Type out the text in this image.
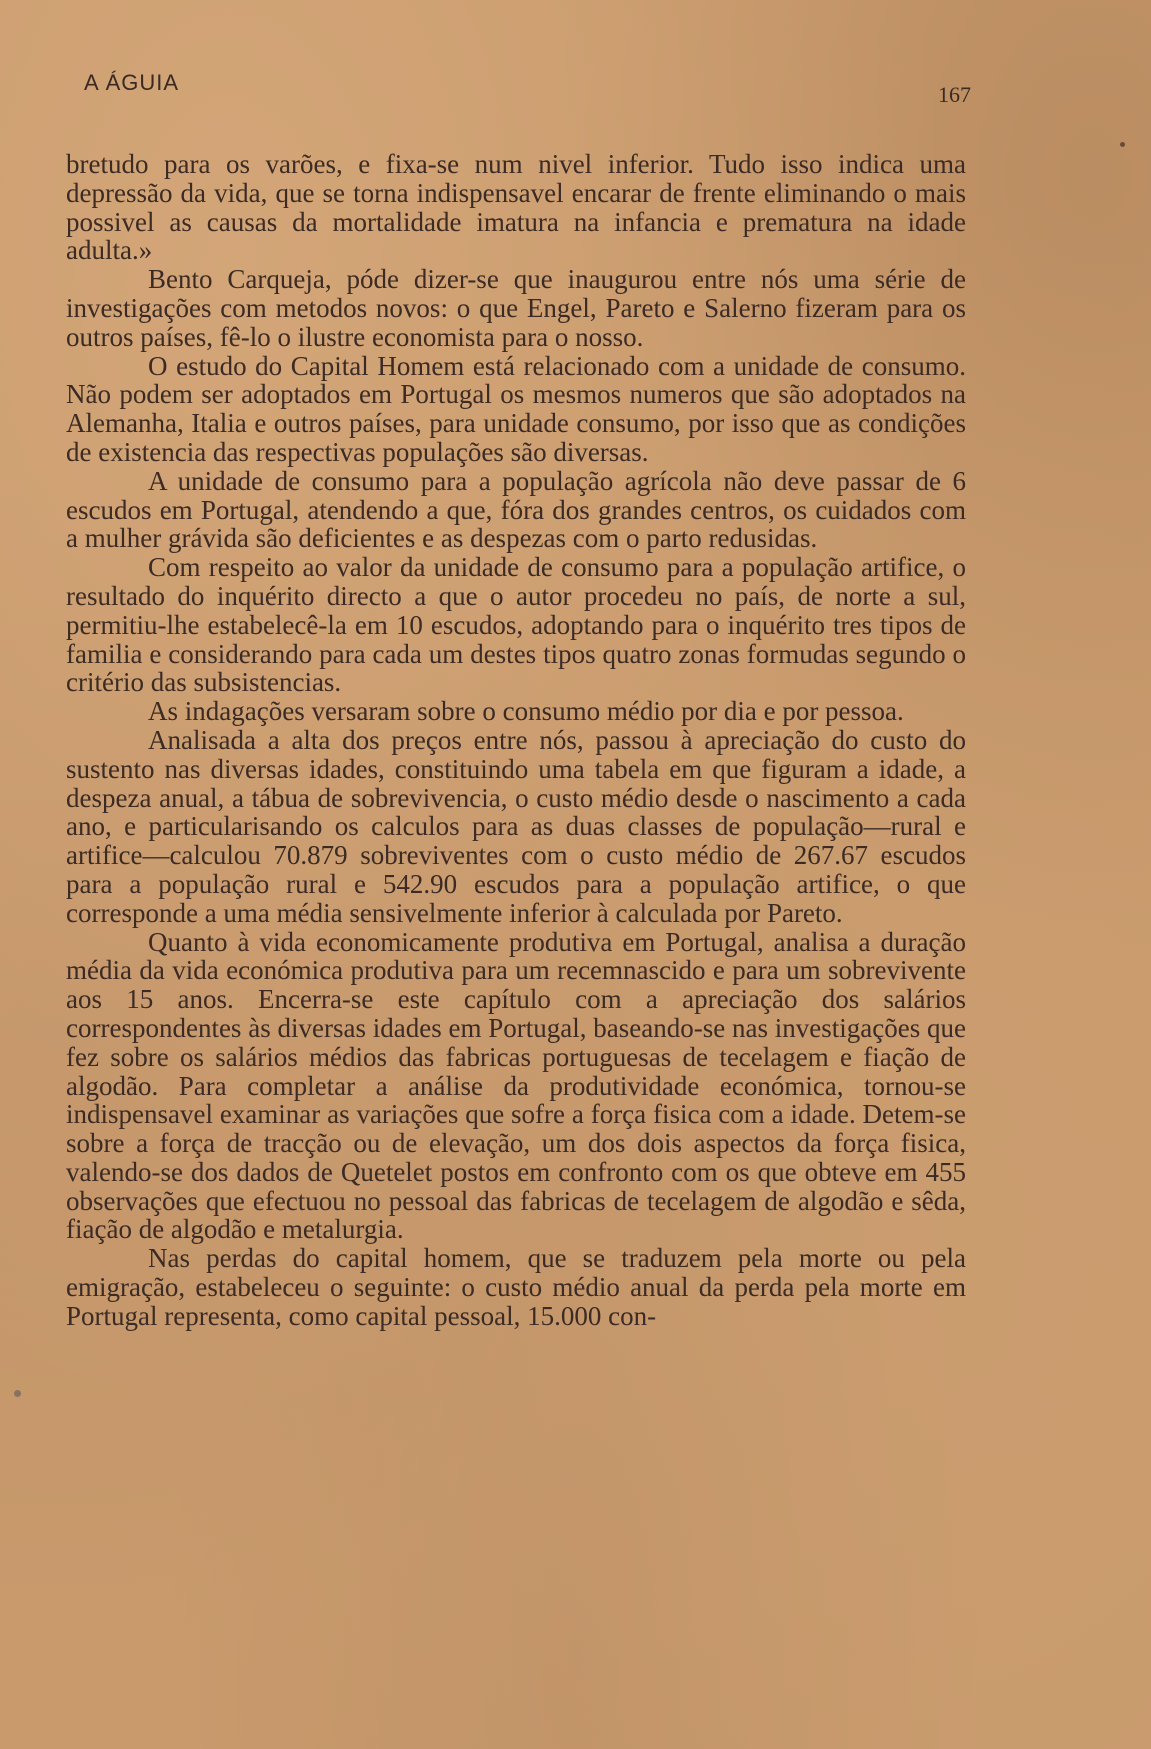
A ÁGUIA	167

bretudo para os varões, e fixa-se num nivel inferior. Tudo isso indica uma depressão da vida, que se torna indispensavel encarar de frente eliminando o mais possivel as causas da mortalidade imatura na infancia e prematura na idade adulta.»

Bento Carqueja, póde dizer-se que inaugurou entre nós uma série de investigações com metodos novos: o que Engel, Pareto e Salerno fizeram para os outros países, fê-lo o ilustre economista para o nosso.

O estudo do Capital Homem está relacionado com a unidade de consumo. Não podem ser adoptados em Portugal os mesmos numeros que são adoptados na Alemanha, Italia e outros países, para unidade consumo, por isso que as condições de existencia das respectivas populações são diversas.

A unidade de consumo para a população agrícola não deve passar de 6 escudos em Portugal, atendendo a que, fóra dos grandes centros, os cuidados com a mulher grávida são deficientes e as despezas com o parto redusidas.

Com respeito ao valor da unidade de consumo para a população artifice, o resultado do inquérito directo a que o autor procedeu no país, de norte a sul, permitiu-lhe estabelecê-la em 10 escudos, adoptando para o inquérito tres tipos de familia e considerando para cada um destes tipos quatro zonas formudas segundo o critério das subsistencias.

As indagações versaram sobre o consumo médio por dia e por pessoa.

Analisada a alta dos preços entre nós, passou à apreciação do custo do sustento nas diversas idades, constituindo uma tabela em que figuram a idade, a despeza anual, a tábua de sobrevivencia, o custo médio desde o nascimento a cada ano, e particularisando os calculos para as duas classes de população—rural e artifice—calculou 70.879 sobreviventes com o custo médio de 267.67 escudos para a população rural e 542.90 escudos para a população artifice, o que corresponde a uma média sensivelmente inferior à calculada por Pareto.

Quanto à vida economicamente produtiva em Portugal, analisa a duração média da vida económica produtiva para um recemnascido e para um sobrevivente aos 15 anos. Encerra-se este capítulo com a apreciação dos salários correspondentes às diversas idades em Portugal, baseando-se nas investigações que fez sobre os salários médios das fabricas portuguesas de tecelagem e fiação de algodão. Para completar a análise da produtividade económica, tornou-se indispensavel examinar as variações que sofre a força fisica com a idade. Detem-se sobre a força de tracção ou de elevação, um dos dois aspectos da força fisica, valendo-se dos dados de Quetelet postos em confronto com os que obteve em 455 observações que efectuou no pessoal das fabricas de tecelagem de algodão e sêda, fiação de algodão e metalurgia.

Nas perdas do capital homem, que se traduzem pela morte ou pela emigração, estabeleceu o seguinte: o custo médio anual da perda pela morte em Portugal representa, como capital pessoal, 15.000 con-
